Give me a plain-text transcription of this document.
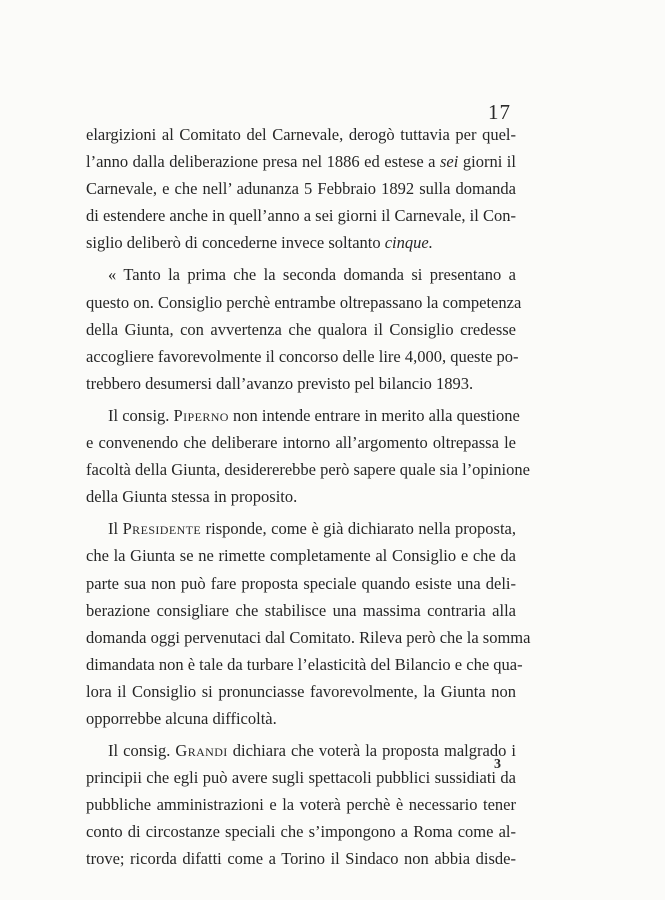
17
elargizioni al Comitato del Carnevale, derogò tuttavia per quel-
l’anno dalla deliberazione presa nel 1886 ed estese a sei giorni il
Carnevale, e che nell’ adunanza 5 Febbraio 1892 sulla domanda
di estendere anche in quell’anno a sei giorni il Carnevale, il Con-
siglio deliberò di concederne invece soltanto cinque.
« Tanto la prima che la seconda domanda si presentano a
questo on. Consiglio perchè entrambe oltrepassano la competenza
della Giunta, con avvertenza che qualora il Consiglio credesse
accogliere favorevolmente il concorso delle lire 4,000, queste po-
trebbero desumersi dall’avanzo previsto pel bilancio 1893.
Il consig. Piperno non intende entrare in merito alla questione
e convenendo che deliberare intorno all’argomento oltrepassa le
facoltà della Giunta, desidererebbe però sapere quale sia l’opinione
della Giunta stessa in proposito.
Il Presidente risponde, come è già dichiarato nella proposta,
che la Giunta se ne rimette completamente al Consiglio e che da
parte sua non può fare proposta speciale quando esiste una deli-
berazione consigliare che stabilisce una massima contraria alla
domanda oggi pervenutaci dal Comitato. Rileva però che la somma
dimandata non è tale da turbare l’elasticità del Bilancio e che qua-
lora il Consiglio si pronunciasse favorevolmente, la Giunta non
opporrebbe alcuna difficoltà.
Il consig. Grandi dichiara che voterà la proposta malgrado i
principii che egli può avere sugli spettacoli pubblici sussidiati da
pubbliche amministrazioni e la voterà perchè è necessario tener
conto di circostanze speciali che s’impongono a Roma come al-
trove; ricorda difatti come a Torino il Sindaco non abbia disde-
3
